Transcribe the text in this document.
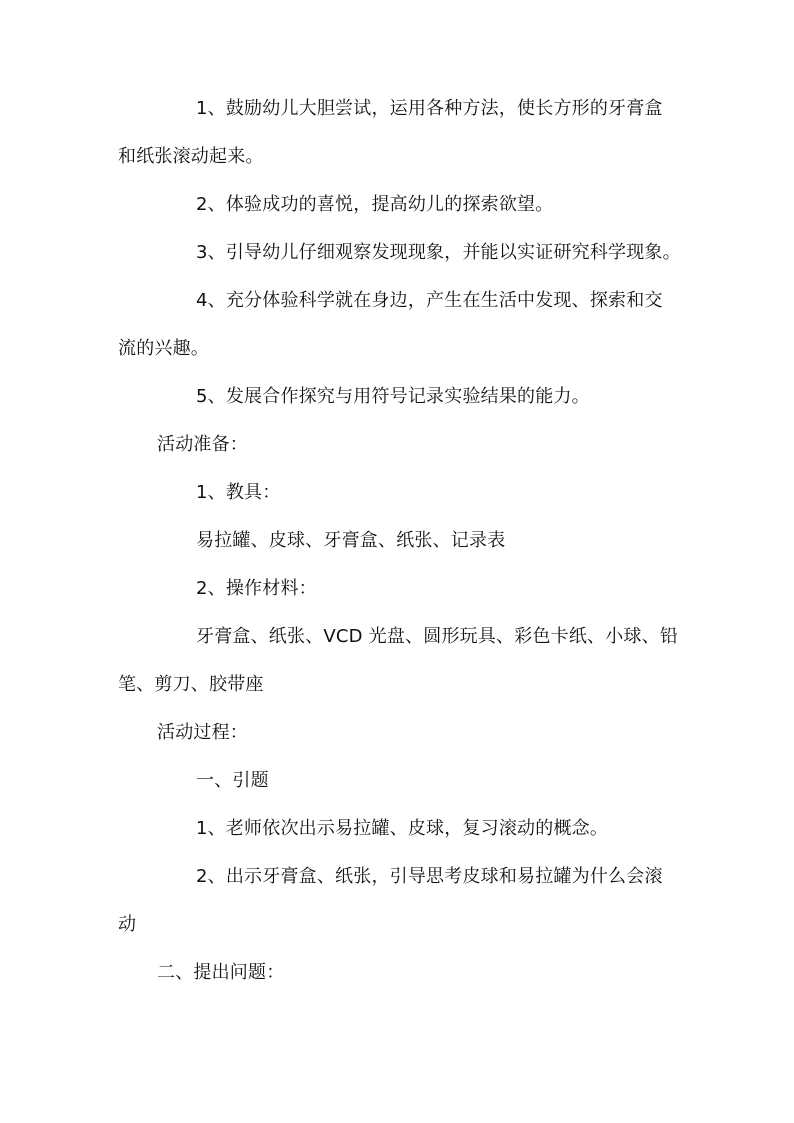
1、鼓励幼儿大胆尝试，运用各种方法，使长方形的牙膏盒
和纸张滚动起来。
2、体验成功的喜悦，提高幼儿的探索欲望。
3、引导幼儿仔细观察发现现象，并能以实证研究科学现象。
4、充分体验科学就在身边，产生在生活中发现、探索和交
流的兴趣。
5、发展合作探究与用符号记录实验结果的能力。
活动准备：
1、教具：
易拉罐、皮球、牙膏盒、纸张、记录表
2、操作材料：
牙膏盒、纸张、VCD 光盘、圆形玩具、彩色卡纸、小球、铅
笔、剪刀、胶带座
活动过程：
一、引题
1、老师依次出示易拉罐、皮球，复习滚动的概念。
2、出示牙膏盒、纸张，引导思考皮球和易拉罐为什么会滚
动
二、提出问题：
